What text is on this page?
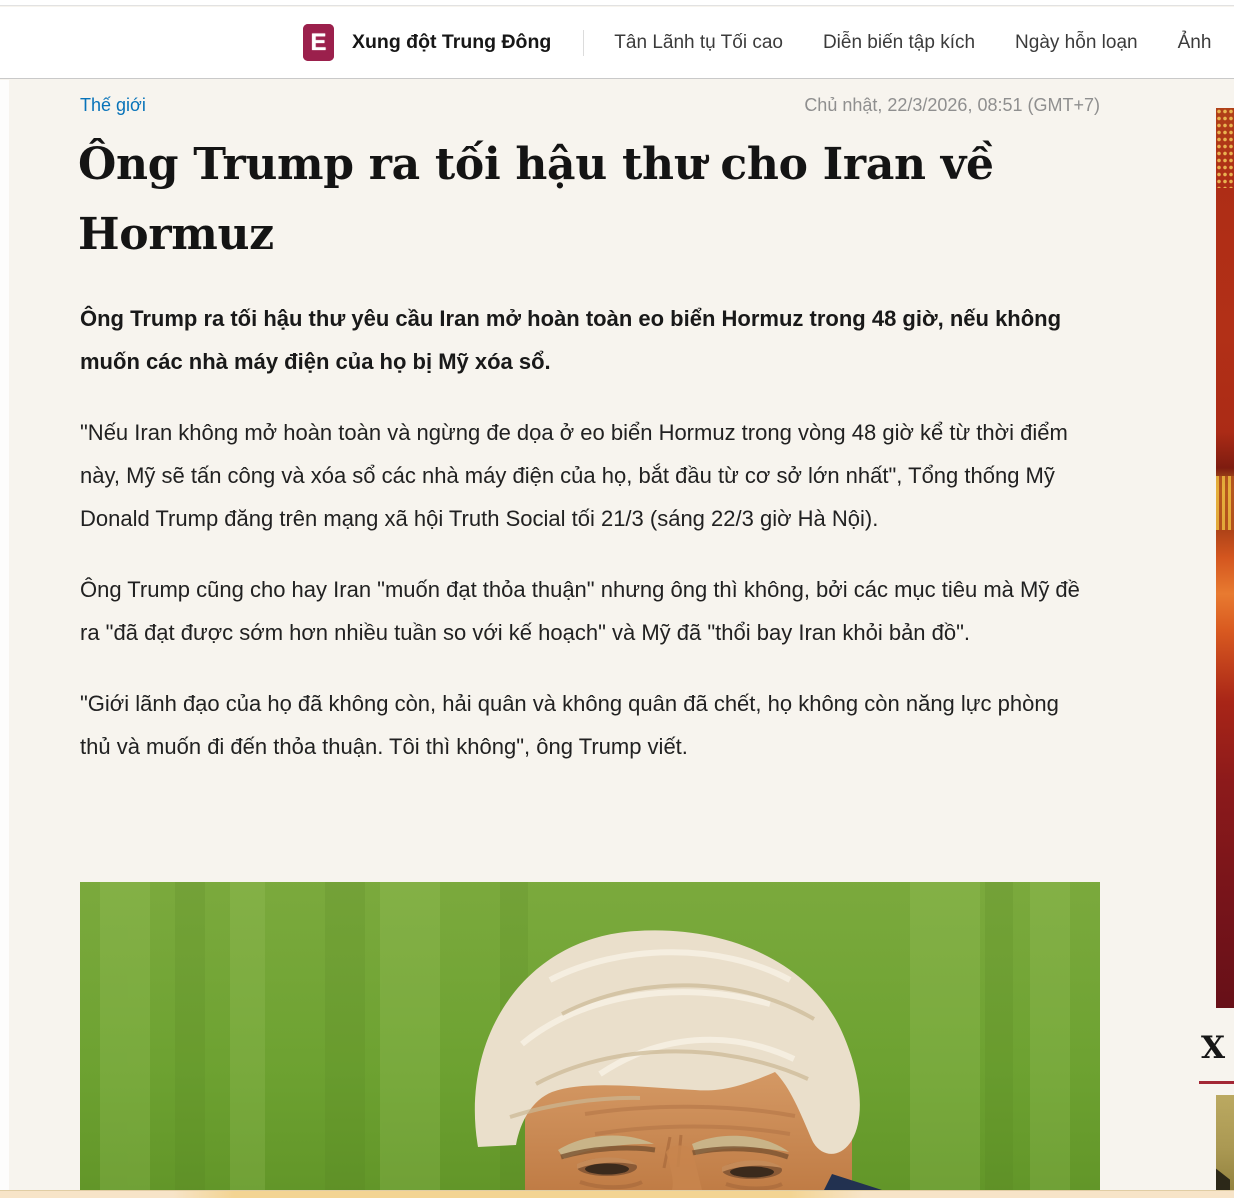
E Xung đột Trung Đông	Tân Lãnh tụ Tối cao Diễn biến tập kích Ngày hỗn loạn Ảnh
Thế giới	Chủ nhật, 22/3/2026, 08:51 (GMT+7)
Ông Trump ra tối hậu thư cho Iran về
Hormuz

Ông Trump ra tối hậu thư yêu cầu Iran mở hoàn toàn eo biển Hormuz trong 48 giờ, nếu không muốn các nhà máy điện của họ bị Mỹ xóa sổ.

"Nếu Iran không mở hoàn toàn và ngừng đe dọa ở eo biển Hormuz trong vòng 48 giờ kể từ thời điểm này, Mỹ sẽ tấn công và xóa sổ các nhà máy điện của họ, bắt đầu từ cơ sở lớn nhất", Tổng thống Mỹ Donald Trump đăng trên mạng xã hội Truth Social tối 21/3 (sáng 22/3 giờ Hà Nội).

Ông Trump cũng cho hay Iran "muốn đạt thỏa thuận" nhưng ông thì không, bởi các mục tiêu mà Mỹ đề ra "đã đạt được sớm hơn nhiều tuần so với kế hoạch" và Mỹ đã "thổi bay Iran khỏi bản đồ".

"Giới lãnh đạo của họ đã không còn, hải quân và không quân đã chết, họ không còn năng lực phòng thủ và muốn đi đến thỏa thuận. Tôi thì không", ông Trump viết.

X
